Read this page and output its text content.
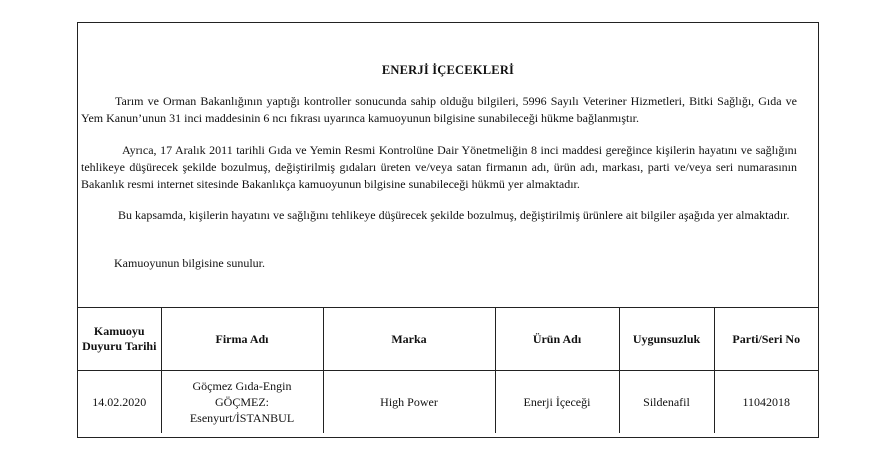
ENERJİ İÇECEKLERİ
Tarım ve Orman Bakanlığının yaptığı kontroller sonucunda sahip olduğu bilgileri, 5996 Sayılı Veteriner Hizmetleri, Bitki Sağlığı, Gıda ve Yem Kanun’unun 31 inci maddesinin 6 ncı fıkrası uyarınca kamuoyunun bilgisine sunabileceği hükme bağlanmıştır.
Ayrıca, 17 Aralık 2011 tarihli Gıda ve Yemin Resmi Kontrolüne Dair Yönetmeliğin 8 inci maddesi gereğince kişilerin hayatını ve sağlığını tehlikeye düşürecek şekilde bozulmuş, değiştirilmiş gıdaları üreten ve/veya satan firmanın adı, ürün adı, markası, parti ve/veya seri numarasının Bakanlık resmi internet sitesinde Bakanlıkça kamuoyunun bilgisine sunabileceği hükmü yer almaktadır.
Bu kapsamda, kişilerin hayatını ve sağlığını tehlikeye düşürecek şekilde bozulmuş, değiştirilmiş ürünlere ait bilgiler aşağıda yer almaktadır.
Kamuoyunun bilgisine sunulur.
Kamuoyu Duyuru Tarihi	Firma Adı	Marka	Ürün Adı	Uygunsuzluk	Parti/Seri No
14.02.2020	Göçmez Gıda-Engin
GÖÇMEZ:
Esenyurt/İSTANBUL	High Power	Enerji İçeceği	Sildenafil	11042018
